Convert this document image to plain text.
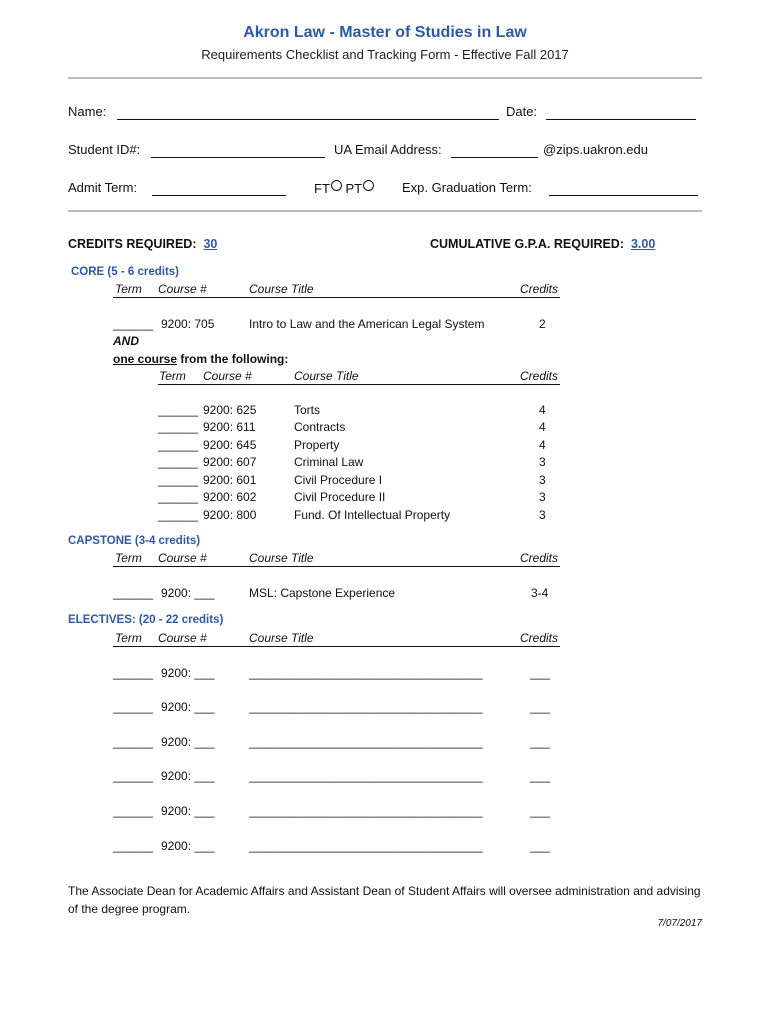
Akron Law - Master of Studies in Law
Requirements Checklist and Tracking Form - Effective Fall 2017
Name:	Date:
Student ID#:	UA Email Address:	@zips.uakron.edu
Admit Term:	FT PT	Exp. Graduation Term:
CREDITS REQUIRED: 30	CUMULATIVE G.P.A. REQUIRED: 3.00
CORE (5 - 6 credits)
Term Course #	Course Title	Credits
______ 9200: 705	Intro to Law and the American Legal System	2
AND
one course from the following:
Term Course #	Course Title	Credits
______ 9200: 625	Torts	4
______ 9200: 611	Contracts	4
______ 9200: 645	Property	4
______ 9200: 607	Criminal Law	3
______ 9200: 601	Civil Procedure I	3
______ 9200: 602	Civil Procedure II	3
______ 9200: 800	Fund. Of Intellectual Property	3
CAPSTONE (3-4 credits)
Term Course #	Course Title	Credits
______ 9200: ___	MSL: Capstone Experience	3-4
ELECTIVES: (20 - 22 credits)
Term Course #	Course Title	Credits
______ 9200: ___	___________________________________	___
______ 9200: ___	___________________________________	___
______ 9200: ___	___________________________________	___
______ 9200: ___	___________________________________	___
______ 9200: ___	___________________________________	___
______ 9200: ___	___________________________________	___
The Associate Dean for Academic Affairs and Assistant Dean of Student Affairs will oversee administration and advising of the degree program.
7/07/2017
